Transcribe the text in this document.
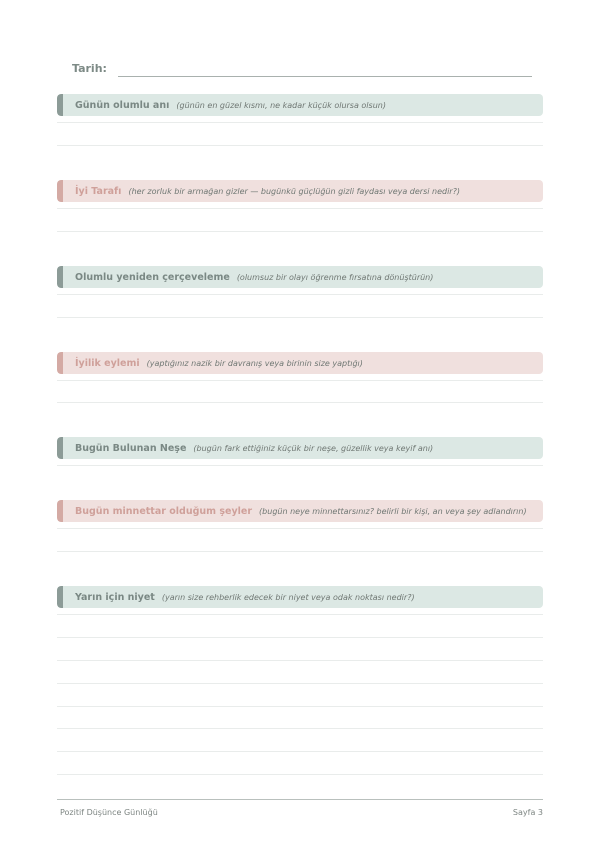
Tarih:
Günün olumlu anı (günün en güzel kısmı, ne kadar küçük olursa olsun)
İyi Tarafı (her zorluk bir armağan gizler — bugünkü güçlüğün gizli faydası veya dersi nedir?)
Olumlu yeniden çerçeveleme (olumsuz bir olayı öğrenme fırsatına dönüştürün)
İyilik eylemi (yaptığınız nazik bir davranış veya birinin size yaptığı)
Bugün Bulunan Neşe (bugün fark ettiğiniz küçük bir neşe, güzellik veya keyif anı)
Bugün minnettar olduğum şeyler (bugün neye minnettarsınız? belirli bir kişi, an veya şey adlandırın)
Yarın için niyet (yarın size rehberlik edecek bir niyet veya odak noktası nedir?)
Pozitif Düşünce Günlüğü	Sayfa 3
